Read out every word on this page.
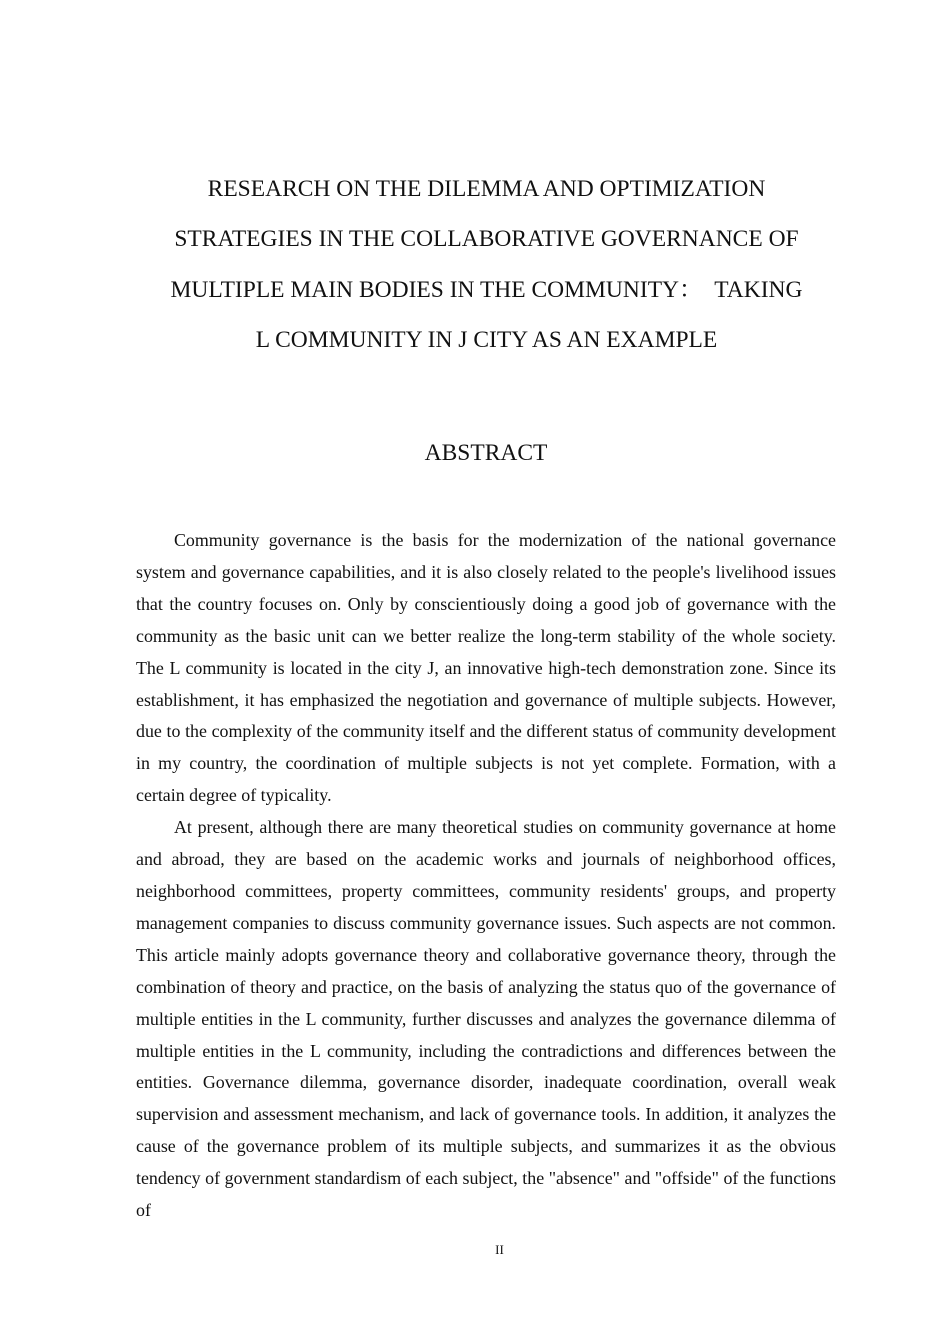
RESEARCH ON THE DILEMMA AND OPTIMIZATION
STRATEGIES IN THE COLLABORATIVE GOVERNANCE OF
MULTIPLE MAIN BODIES IN THE COMMUNITY：　TAKING
L COMMUNITY IN J CITY AS AN EXAMPLE
ABSTRACT

Community governance is the basis for the modernization of the national governance system and governance capabilities, and it is also closely related to the people's livelihood issues that the country focuses on. Only by conscientiously doing a good job of governance with the community as the basic unit can we better realize the long-term stability of the whole society. The L community is located in the city J, an innovative high-tech demonstration zone. Since its establishment, it has emphasized the negotiation and governance of multiple subjects. However, due to the complexity of the community itself and the different status of community development in my country, the coordination of multiple subjects is not yet complete. Formation, with a certain degree of typicality.

At present, although there are many theoretical studies on community governance at home and abroad, they are based on the academic works and journals of neighborhood offices, neighborhood committees, property committees, community residents' groups, and property management companies to discuss community governance issues. Such aspects are not common. This article mainly adopts governance theory and collaborative governance theory, through the combination of theory and practice, on the basis of analyzing the status quo of the governance of multiple entities in the L community, further discusses and analyzes the governance dilemma of multiple entities in the L community, including the contradictions and differences between the entities. Governance dilemma, governance disorder, inadequate coordination, overall weak supervision and assessment mechanism, and lack of governance tools. In addition, it analyzes the cause of the governance problem of its multiple subjects, and summarizes it as the obvious tendency of government standardism of each subject, the "absence" and "offside" of the functions of

II
